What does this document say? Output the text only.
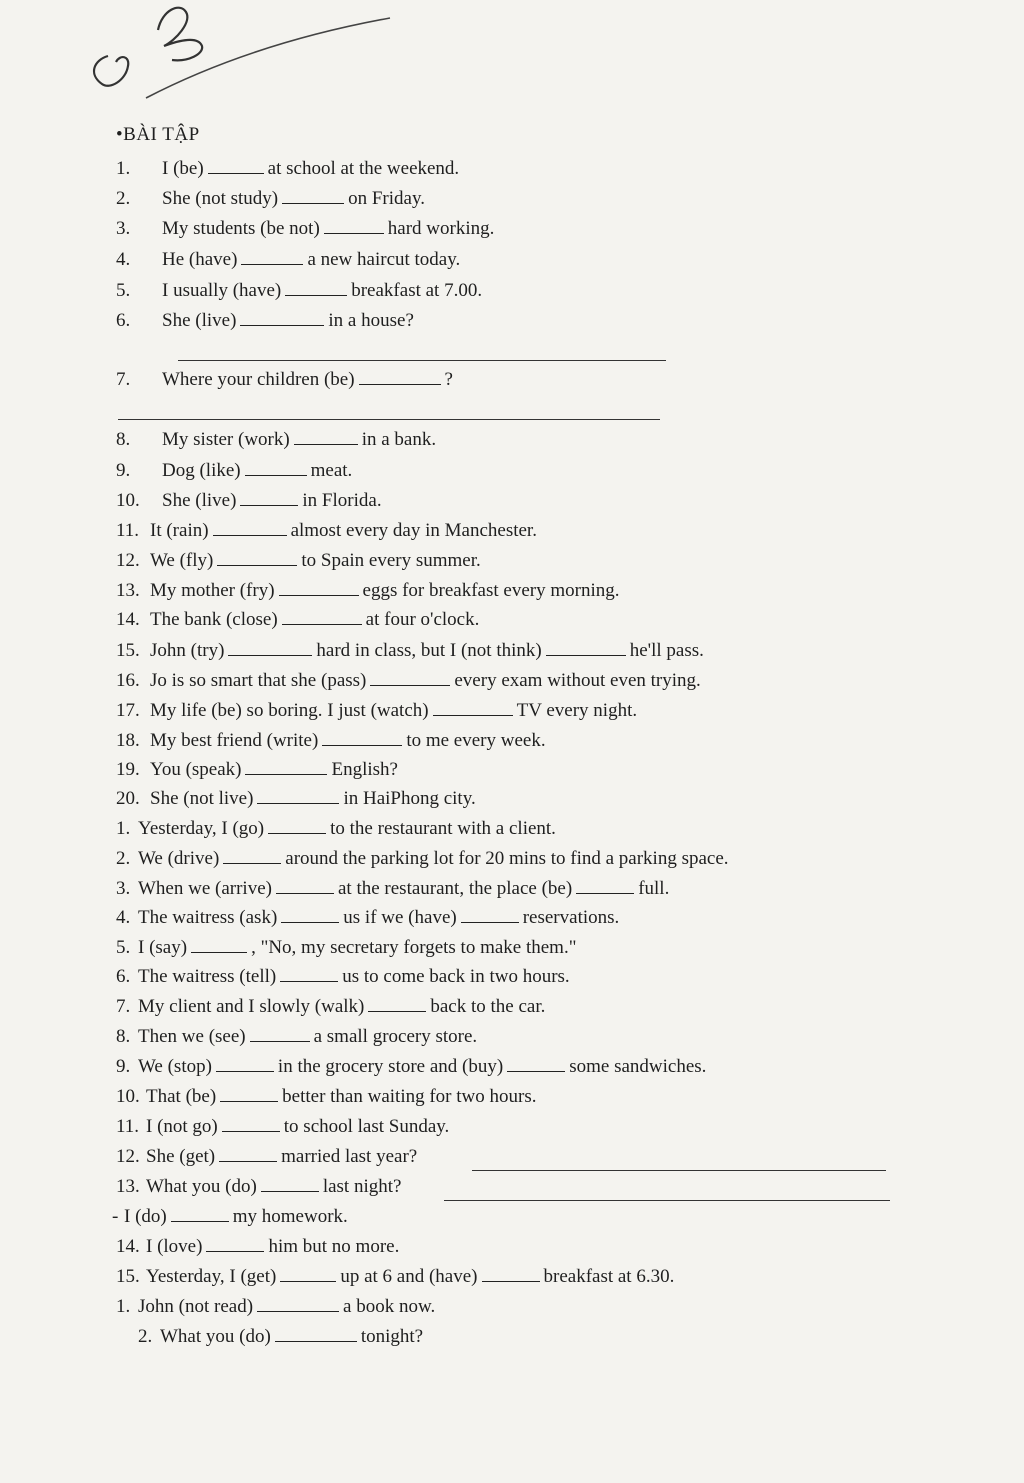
•BÀI TẬP
1. I (be)	at school at the weekend.
2. She (not study)	on Friday.
3. My students (be not)	hard working.
4. He (have)	a new haircut today.
5. I usually (have)	breakfast at 7.00.
6. She (live)	in a house?
7. Where your children (be)	?
8. My sister (work)	in a bank.
9. Dog (like)	meat.
10. She (live)	in Florida.
11. It (rain)	almost every day in Manchester.
12. We (fly)	to Spain every summer.
13. My mother (fry)	eggs for breakfast every morning.
14. The bank (close)	at four o'clock.
15. John (try)	hard in class, but I (not think)	he'll pass.
16. Jo is so smart that she (pass)	every exam without even trying.
17. My life (be) so boring. I just (watch)	TV every night.
18. My best friend (write)	to me every week.
19. You (speak)	English?
20. She (not live)	in HaiPhong city.
1. Yesterday, I (go)	to the restaurant with a client.
2. We (drive)	around the parking lot for 20 mins to find a parking space.
3. When we (arrive)	at the restaurant, the place (be)	full.
4. The waitress (ask)	us if we (have)	reservations.
5. I (say)	, "No, my secretary forgets to make them."
6. The waitress (tell)	us to come back in two hours.
7. My client and I slowly (walk)	back to the car.
8. Then we (see)	a small grocery store.
9. We (stop)	in the grocery store and (buy)	some sandwiches.
10. That (be)	better than waiting for two hours.
11. I (not go)	to school last Sunday.
12. She (get)	married last year?
13. What you (do)	last night?
- I (do)	my homework.
14. I (love)	him but no more.
15. Yesterday, I (get)	up at 6 and (have)	breakfast at 6.30.
1. John (not read)	a book now.
2. What you (do)	tonight?
